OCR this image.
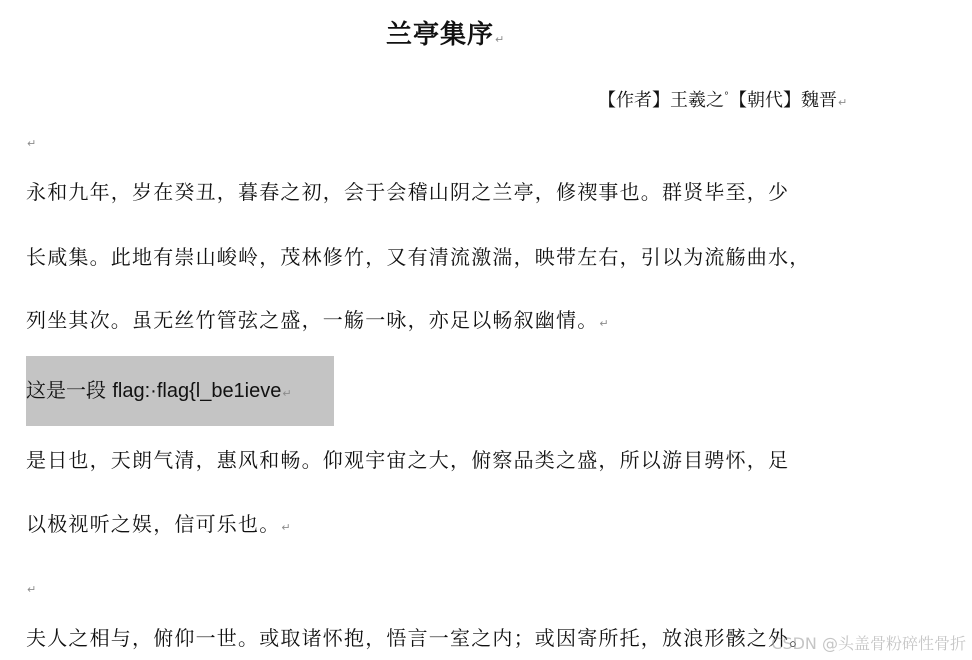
兰亭集序↵
【作者】王羲之°【朝代】魏晋↵
↵
永和九年，岁在癸丑，暮春之初，会于会稽山阴之兰亭，修禊事也。群贤毕至，少
长咸集。此地有崇山峻岭，茂林修竹，又有清流激湍，映带左右，引以为流觞曲水，
列坐其次。虽无丝竹管弦之盛，一觞一咏，亦足以畅叙幽情。↵
这是一段 flag:·flag{l_be1ieve↵
是日也，天朗气清，惠风和畅。仰观宇宙之大，俯察品类之盛，所以游目骋怀，足
以极视听之娱，信可乐也。↵
↵
夫人之相与，俯仰一世。或取诸怀抱，悟言一室之内；或因寄所托，放浪形骸之外。
CSDN @头盖骨粉碎性骨折
